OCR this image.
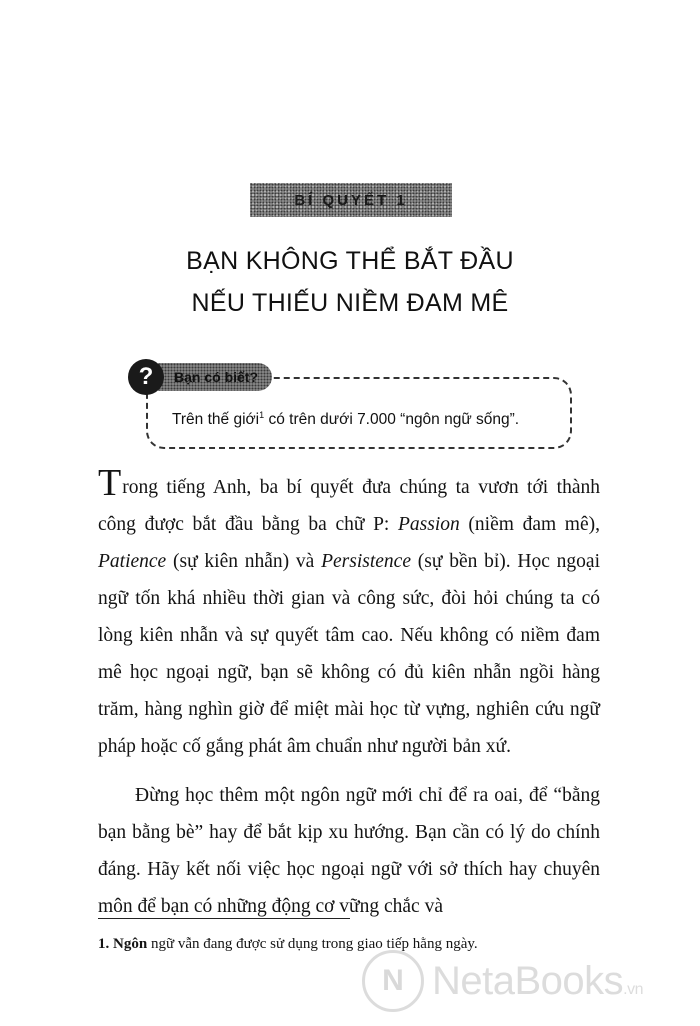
BÍ QUYẾT 1
BẠN KHÔNG THỂ BẮT ĐẦU
NẾU THIẾU NIỀM ĐAM MÊ
?	Bạn có biết?
Trên thế giới$^1$ có trên dưới 7.000 “ngôn ngữ sống”.

Trong tiếng Anh, ba bí quyết đưa chúng ta vươn tới thành công được bắt đầu bằng ba chữ P: Passion (niềm đam mê), Patience (sự kiên nhẫn) và Persistence (sự bền bỉ). Học ngoại ngữ tốn khá nhiều thời gian và công sức, đòi hỏi chúng ta có lòng kiên nhẫn và sự quyết tâm cao. Nếu không có niềm đam mê học ngoại ngữ, bạn sẽ không có đủ kiên nhẫn ngồi hàng trăm, hàng nghìn giờ để miệt mài học từ vựng, nghiên cứu ngữ pháp hoặc cố gắng phát âm chuẩn như người bản xứ.

Đừng học thêm một ngôn ngữ mới chỉ để ra oai, để “bằng bạn bằng bè” hay để bắt kịp xu hướng. Bạn cần có lý do chính đáng. Hãy kết nối việc học ngoại ngữ với sở thích hay chuyên môn để bạn có những động cơ vững chắc và

1. Ngôn ngữ vẫn đang được sử dụng trong giao tiếp hằng ngày.
N NetaBooks.vn
